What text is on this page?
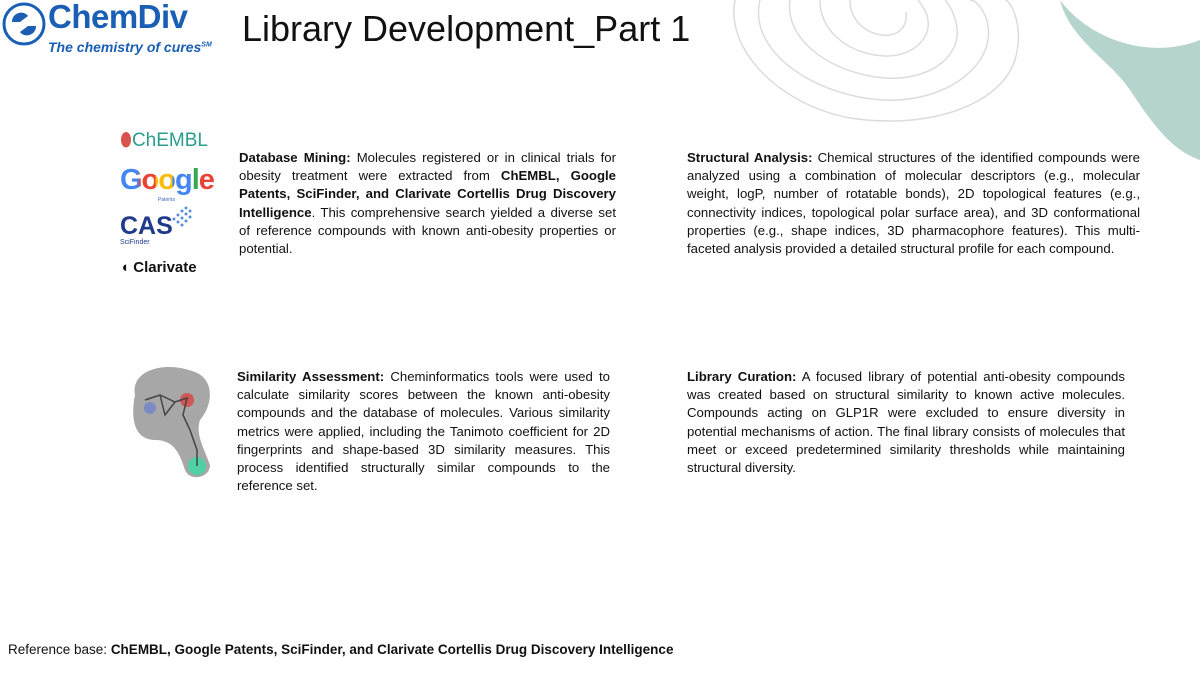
ChemDiv
The chemistry of cures℠ Library Development_Part 1
⬮ChEMBL
Google
Patents
CAS
SciFinder
◖ Clarivate
Database Mining: Molecules registered or in clinical trials for obesity treatment were extracted from ChEMBL, Google Patents, SciFinder, and Clarivate Cortellis Drug Discovery Intelligence. This comprehensive search yielded a diverse set of reference compounds with known anti-obesity properties or potential.
Structural Analysis: Chemical structures of the identified compounds were analyzed using a combination of molecular descriptors (e.g., molecular weight, logP, number of rotatable bonds), 2D topological features (e.g., connectivity indices, topological polar surface area), and 3D conformational properties (e.g., shape indices, 3D pharmacophore features). This multi-faceted analysis provided a detailed structural profile for each compound.
Similarity Assessment: Cheminformatics tools were used to calculate similarity scores between the known anti-obesity compounds and the database of molecules. Various similarity metrics were applied, including the Tanimoto coefficient for 2D fingerprints and shape-based 3D similarity measures. This process identified structurally similar compounds to the reference set.
Library Curation: A focused library of potential anti-obesity compounds was created based on structural similarity to known active molecules. Compounds acting on GLP1R were excluded to ensure diversity in potential mechanisms of action. The final library consists of molecules that meet or exceed predetermined similarity thresholds while maintaining structural diversity.
Reference base: ChEMBL, Google Patents, SciFinder, and Clarivate Cortellis Drug Discovery Intelligence
